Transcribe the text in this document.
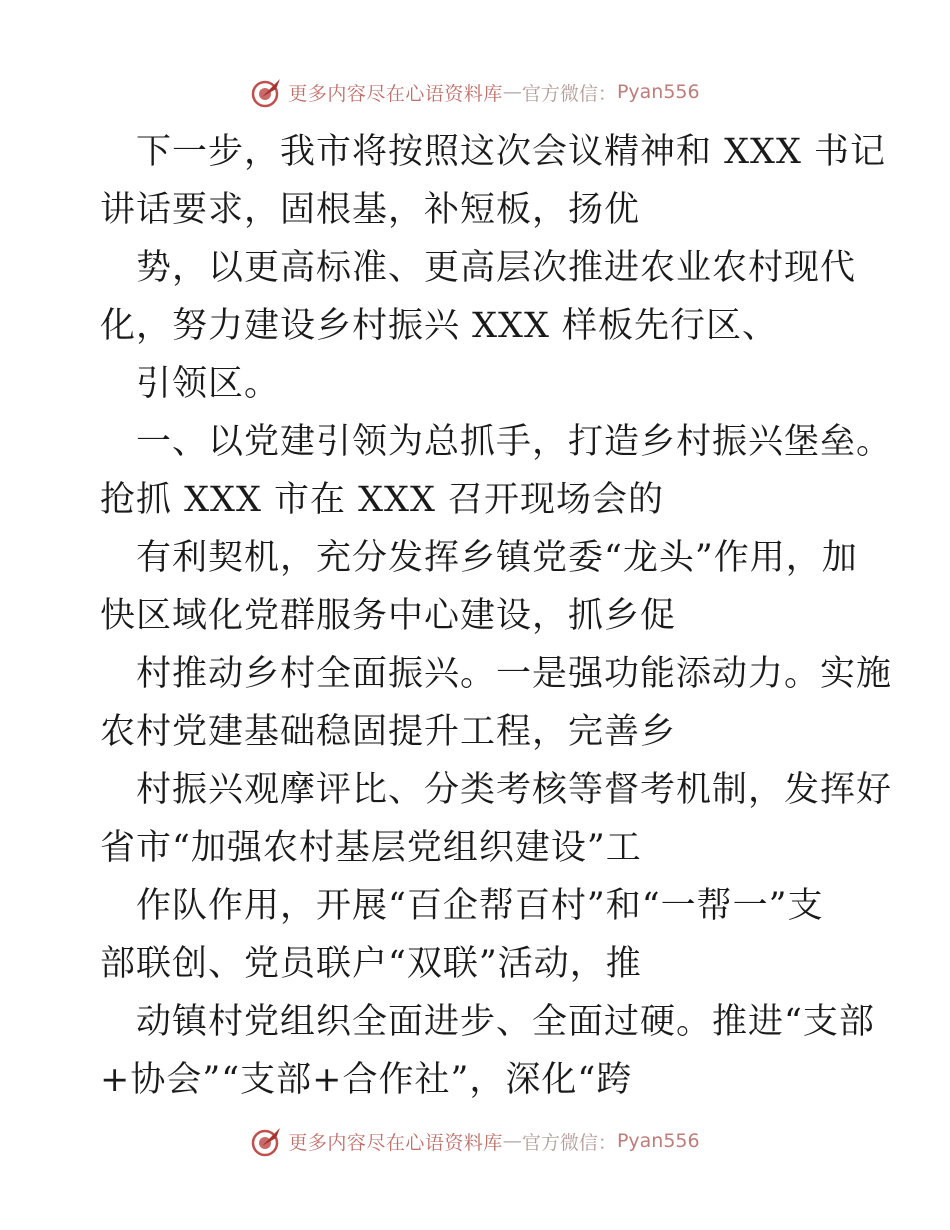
更多内容尽在心语资料库 — 官方微信： Pyan556
下一步，我市将按照这次会议精神和 XXX 书记
讲话要求，固根基，补短板，扬优
势，以更高标准、更高层次推进农业农村现代
化，努力建设乡村振兴 XXX 样板先行区、
引领区。
一、以党建引领为总抓手，打造乡村振兴堡垒。
抢抓 XXX 市在 XXX 召开现场会的
有利契机，充分发挥乡镇党委“龙头”作用，加
快区域化党群服务中心建设，抓乡促
村推动乡村全面振兴。一是强功能添动力。实施
农村党建基础稳固提升工程，完善乡
村振兴观摩评比、分类考核等督考机制，发挥好
省市“加强农村基层党组织建设”工
作队作用，开展“百企帮百村”和“一帮一”支
部联创、党员联户“双联”活动，推
动镇村党组织全面进步、全面过硬。推进“支部
+协会”“支部+合作社”，深化“跨
更多内容尽在心语资料库 — 官方微信： Pyan556
